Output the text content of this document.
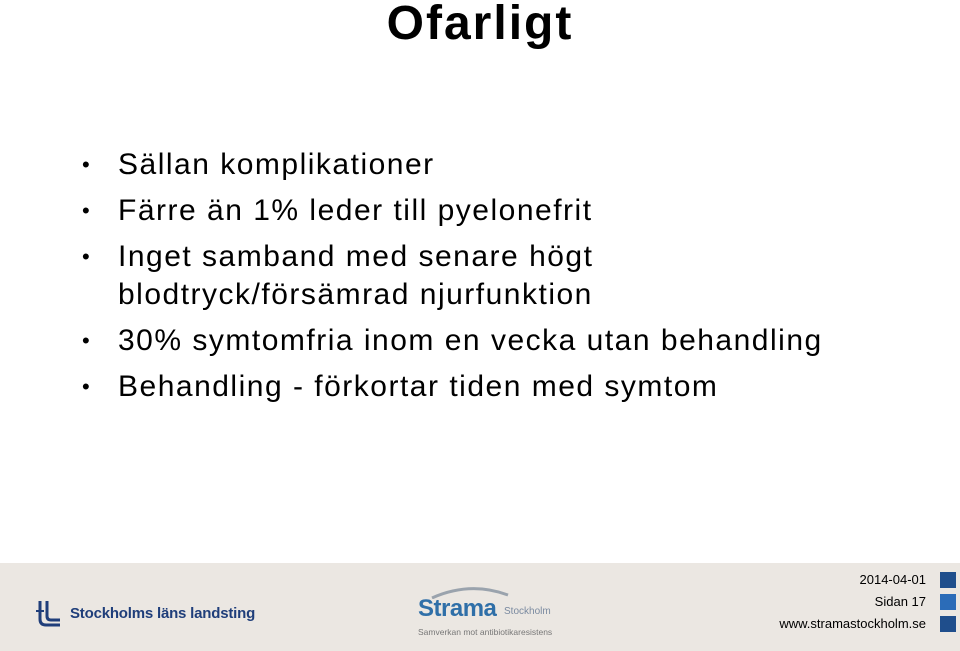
Ofarligt
• Sällan komplikationer
• Färre än 1% leder till pyelonefrit
• Inget samband med senare högt blodtryck/försämrad njurfunktion
• 30% symtomfria inom en vecka utan behandling
• Behandling - förkortar tiden med symtom
Stockholms läns landsting	Strama Stockholm
Samverkan mot antibiotikaresistens
2014-04-01
Sidan 17
www.stramastockholm.se
